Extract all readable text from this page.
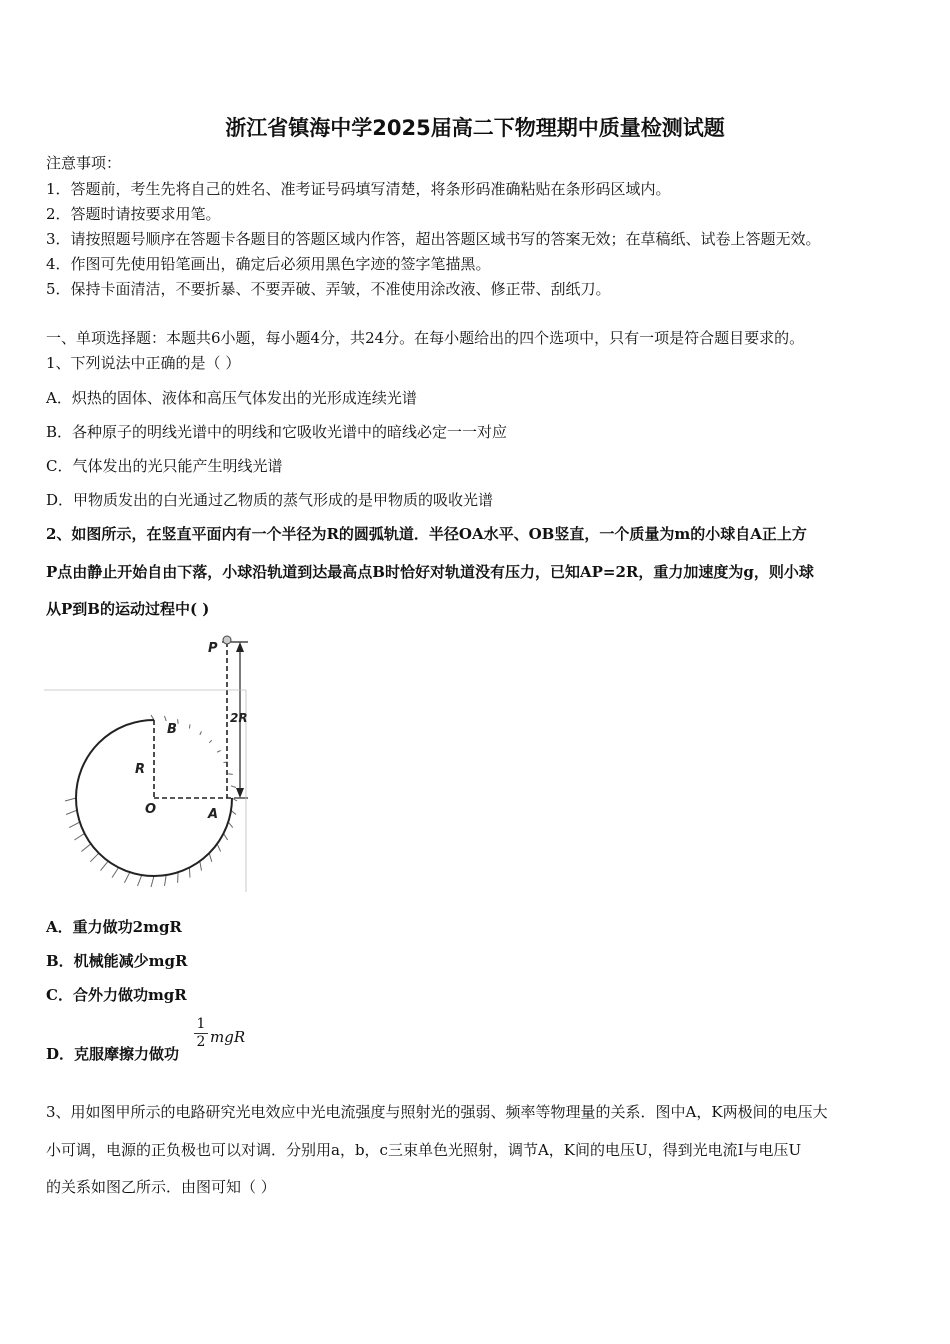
浙江省镇海中学2025届高二下物理期中质量检测试题
注意事项：
1．答题前，考生先将自己的姓名、准考证号码填写清楚，将条形码准确粘贴在条形码区域内。
2．答题时请按要求用笔。
3．请按照题号顺序在答题卡各题目的答题区域内作答，超出答题区域书写的答案无效；在草稿纸、试卷上答题无效。
4．作图可先使用铅笔画出，确定后必须用黑色字迹的签字笔描黑。
5．保持卡面清洁，不要折暴、不要弄破、弄皱，不准使用涂改液、修正带、刮纸刀。
一、单项选择题：本题共6小题，每小题4分，共24分。在每小题给出的四个选项中，只有一项是符合题目要求的。
1、下列说法中正确的是（ ）
A．炽热的固体、液体和高压气体发出的光形成连续光谱
B．各种原子的明线光谱中的明线和它吸收光谱中的暗线必定一一对应
C．气体发出的光只能产生明线光谱
D．甲物质发出的白光通过乙物质的蒸气形成的是甲物质的吸收光谱
2、如图所示，在竖直平面内有一个半径为R的圆弧轨道．半径OA水平、OB竖直，一个质量为m的小球自A正上方
P点由静止开始自由下落，小球沿轨道到达最高点B时恰好对轨道没有压力，已知AP=2R，重力加速度为g，则小球
从P到B的运动过程中( )
P
2R
B
R
O	A
A．重力做功2mgR
B．机械能减少mgR
C．合外力做功mgR
D．克服摩擦力做功
$\frac{1}{2}$ mgR
3、用如图甲所示的电路研究光电效应中光电流强度与照射光的强弱、频率等物理量的关系．图中A，K两极间的电压大
小可调，电源的正负极也可以对调．分别用a，b，c三束单色光照射，调节A，K间的电压U，得到光电流I与电压U
的关系如图乙所示．由图可知（ ）
